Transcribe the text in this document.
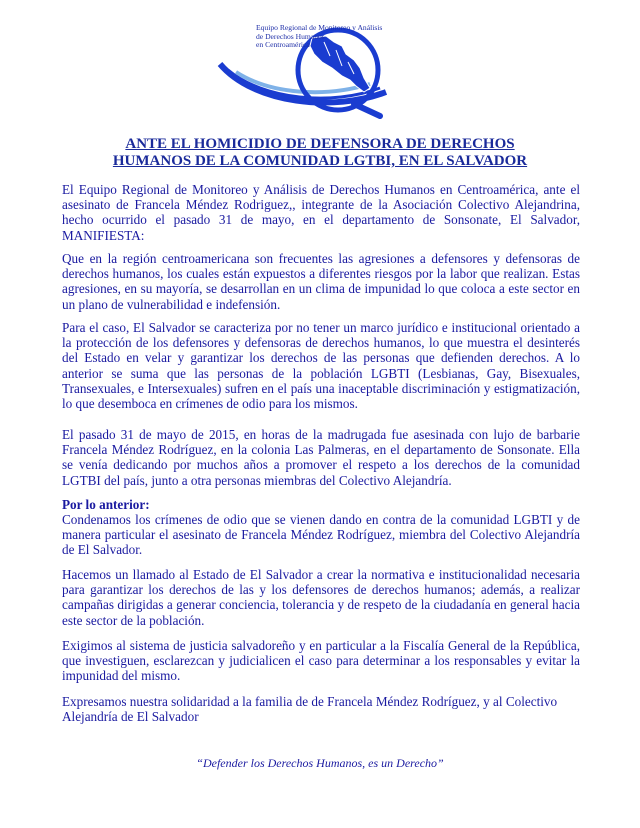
Equipo Regional de Monitoreo y Análisis
de Derechos Humanos
en Centroamérica
ANTE EL HOMICIDIO DE DEFENSORA DE DERECHOS
HUMANOS DE LA COMUNIDAD LGTBI, EN EL SALVADOR

El Equipo Regional de Monitoreo y Análisis de Derechos Humanos en Centroamérica, ante el asesinato de Francela Méndez Rodriguez,, integrante de la Asociación Colectivo Alejandrina, hecho ocurrido el pasado 31 de mayo, en el departamento de Sonsonate, El Salvador, MANIFIESTA:

Que en la región centroamericana son frecuentes las agresiones a defensores y defensoras de derechos humanos, los cuales están expuestos a diferentes riesgos por la labor que realizan. Estas agresiones, en su mayoría, se desarrollan en un clima de impunidad lo que coloca a este sector en un plano de vulnerabilidad e indefensión.

Para el caso, El Salvador se caracteriza por no tener un marco jurídico e institucional orientado a la protección de los defensores y defensoras de derechos humanos, lo que muestra el desinterés del Estado en velar y garantizar los derechos de las personas que defienden derechos. A lo anterior se suma que las personas de la población LGBTI (Lesbianas, Gay, Bisexuales, Transexuales, e Intersexuales) sufren en el país una inaceptable discriminación y estigmatización, lo que desemboca en crímenes de odio para los mismos.

El pasado 31 de mayo de 2015, en horas de la madrugada fue asesinada con lujo de barbarie Francela Méndez Rodríguez, en la colonia Las Palmeras, en el departamento de Sonsonate. Ella se venía dedicando por muchos años a promover el respeto a los derechos de la comunidad LGTBI del país, junto a otra personas miembras del Colectivo Alejandría.

Por lo anterior:

Condenamos los crímenes de odio que se vienen dando en contra de la comunidad LGBTI y de manera particular el asesinato de Francela Méndez Rodríguez, miembra del Colectivo Alejandría de El Salvador.

Hacemos un llamado al Estado de El Salvador a crear la normativa e institucionalidad necesaria para garantizar los derechos de las y los defensores de derechos humanos; además, a realizar campañas dirigidas a generar conciencia, tolerancia y de respeto de la ciudadanía en general hacia este sector de la población.

Exigimos al sistema de justicia salvadoreño y en particular a la Fiscalía General de la República, que investiguen, esclarezcan y judicialicen el caso para determinar a los responsables y evitar la impunidad del mismo.

Expresamos nuestra solidaridad a la familia de de Francela Méndez Rodríguez, y al Colectivo Alejandría de El Salvador

“Defender los Derechos Humanos, es un Derecho”
